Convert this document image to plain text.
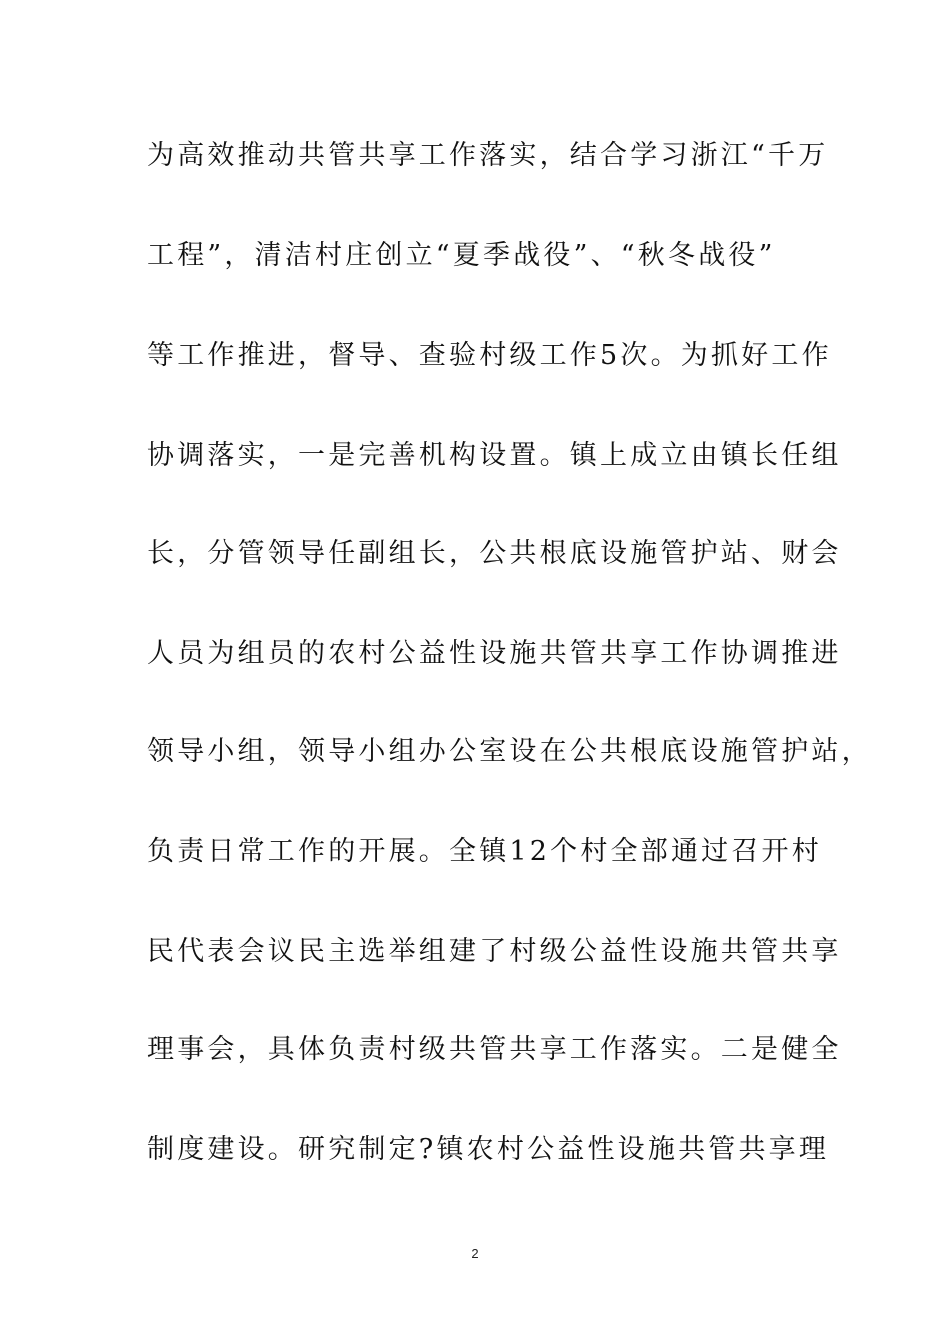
为高效推动共管共享工作落实，结合学习浙江“千万
工程”，清洁村庄创立“夏季战役”、“秋冬战役”
等工作推进，督导、查验村级工作5次。为抓好工作
协调落实，一是完善机构设置。镇上成立由镇长任组
长，分管领导任副组长，公共根底设施管护站、财会
人员为组员的农村公益性设施共管共享工作协调推进
领导小组，领导小组办公室设在公共根底设施管护站，
负责日常工作的开展。全镇12个村全部通过召开村
民代表会议民主选举组建了村级公益性设施共管共享
理事会，具体负责村级共管共享工作落实。二是健全
制度建设。研究制定?镇农村公益性设施共管共享理
2
